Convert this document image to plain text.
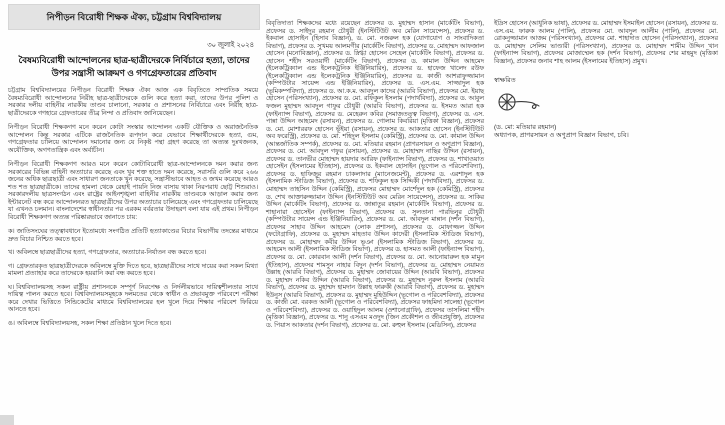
নিপীড়ন বিরোধী শিক্ষক ঐক্য, চট্টগ্রাম বিশ্ববিদ্যালয়
৩০ জুলাই ২০২৪
বৈষম্যবিরোধী আন্দোলনের ছাত্র-ছাত্রীদেরকে নির্বিচারে হত্যা, তাদের উপর সন্ত্রাসী আক্রমণ ও গণগ্রেফতারের প্রতিবাদ
চট্টগ্রাম বিশ্ববিদ্যালয়ের নিপীড়ন বিরোধী শিক্ষক ঐক্য আজ এক বিবৃতিতে সাম্প্রতিক সময়ে বৈষম্যবিরোধী আন্দোলনের নিরীহ ছাত্র-ছাত্রীদেরকে গুলি করে হত্যা করা, তাদের উপর পুলিশ ও সরকার দলীয় বাহিনীর নারকীয় তাণ্ডব চালানো, সরকার ও প্রশাসনের নির্বিচারে এবং নিরীহ ছাত্র-ছাত্রীদেরকে গণহারে গ্রেফতারের তীব্র নিন্দা ও প্রতিবাদ জানিয়েছেন।
নিপীড়ন বিরোধী শিক্ষকগণ মনে করেন কোটা সংস্কার আন্দোলন একটি যৌক্তিক ও অরাজনৈতিক আন্দোলন কিন্তু সরকার এটিকে রাজনৈতিক রূপদান করে যেভাবে শিক্ষার্থীদেরকে হত্যা, গুম, গণগ্রেফতার চালিয়ে আন্দোলন দমানোর জন্য যে নিকৃষ্ট পন্থা গ্রহণ করেছে তা অত্যন্ত দুঃখজনক, অযৌক্তিক, অগণতান্ত্রিক এবং অর্বাচীন।
নিপীড়ন বিরোধী শিক্ষকগণ আরও মনে করেন কোটাবিরোধী ছাত্র-আন্দোলনকে দমন করার জন্য সরকারের বিভিন্ন বাহিনী অত্যাচার করেছে এবং খুব শক্ত হাতে দমন করেছে, সরাসরি গুলি করে ২৬৬ জনের অধিক ছাত্রছাত্রী এবং সাধারণ জনতাকে খুন করেছে, সন্ত্রাসীভাবে আহত ও জখম করেছে আরও শত শত ছাত্রছাত্রীকে। তাদের হামলা থেকে রেহাই পায়নি নিজ বাসায় থাকা নিরপরাধ ছোট্ট শিশুরাও। সরকারদলীয় ছাত্রসংগঠন এবং রাষ্ট্রের আইনশৃঙ্খলা বাহিনীর নারকীয় তাণ্ডবকে আড়াল করার জন্য ইন্টারনেট বন্ধ করে আন্দোলনরত ছাত্রছাত্রীদের উপর অত্যাচার চালিয়েছে এবং গণগ্রেফতার চালিয়েছে যা এখনও চলমান। বাংলাদেশের স্বাধীনতার পর এরকম বর্বরতার উদাহরণ বলা যায় এই প্রথম। নিপীড়ন বিরোধী শিক্ষকগণ অত্যন্ত পরিষ্কারভাবে জানাতে চায়:
ক। জাতিসংঘের তত্ত্বাবধানে ইতোমধ্যে সংগঠিত প্রতিটি হত্যাকাণ্ডের বিচার বিভাগীয় তদন্তের মাধ্যমে দ্রুত বিচার নিশ্চিত করতে হবে।
খ। অবিলম্বে ছাত্রছাত্রীদের হত্যা, গণগ্রেফতার, অত্যাচার-নির্যাতন বন্ধ করতে হবে।
গ। গ্রেফতারকৃত ছাত্রছাত্রীদেরকে অবিলম্বে মুক্তি দিতে হবে, ছাত্রছাত্রীদের সাথে দায়ের করা সকল মিথ্যা মামলা প্রত্যাহার করে তাদেরকে হয়রানি করা বন্ধ করতে হবে।
ঘ। বিশ্ববিদ্যালয়সহ সকল রাষ্ট্রীয় প্রশাসনকে সম্পূর্ণ নিরপেক্ষ ও নির্দলীয়ভাবে দায়িত্বশীলতার সাথে দায়িত্ব পালন করতে হবে। বিশ্ববিদ্যালয়সমূহকে দলমতের থেকে স্বাধীন ও প্রভাবমুক্ত পরিবেশে পরীক্ষা করে দেখার ভিত্তিতে সিন্ডিকেটের মাধ্যমে বিশ্ববিদ্যালয়ের হল খুলে দিয়ে শিক্ষার পরিবেশ ফিরিয়ে আনতে হবে।
ঙ। অবিলম্বে বিশ্ববিদ্যালয়সহ, সকল শিক্ষা প্রতিষ্ঠান খুলে দিতে হবে।
বিবৃতিদাতা শিক্ষকদের মধ্যে রয়েছেন প্রফেসর ড. মুহাম্মদ হাসান (মার্কেটিং বিভাগ), প্রফেসর ড. সাইদুর রহমান চৌধুরী (ইনস্টিটিউট অব মেরিন সায়েন্সেস), প্রফেসর ড. ইকবাল হোসাইন (হিসাব বিজ্ঞান), ড. মো. নজরুল হক (যোগাযোগ ও সাংবাদিকতা বিভাগ), প্রফেসর ড. সুখময় আলমগীর (মার্কেটিং বিভাগ), প্রফেসর ড. মোহাম্মদ আফজাল হোসেন (মনোবিজ্ঞান), প্রফেসর ড. স্নিগ্ধা হোসেন সেহেল (মার্কেটিং বিভাগ), প্রফেসর ড. হোসেন শহীদ সরওয়ার্দী (মার্কেটিং বিভাগ), প্রফেসর ড. কামাল উদ্দিন আহমেদ (ইলেকট্রিক্যাল এন্ড ইলেকট্রনিক ইঞ্জিনিয়ারিং), প্রফেসর ড. হাফেজ খালেদ রউফ (ইলেকট্রিক্যাল এন্ড ইলেকট্রনিক ইঞ্জিনিয়ারিং), প্রফেসর ড. কাজী আশরাফুজ্জামান (কম্পিউটার সায়েন্স এন্ড ইঞ্জিনিয়ারিং), প্রফেসর ড. এস.এম. সাজ্জাদুল হক (ভূমিকম্পবিদ্যা), প্রফেসর ড. আ.ক.ম. আবদুল কাদের (আরবি বিভাগ), প্রফেসর মো. ইয়াছ হোসেন (পরিসংখ্যান), প্রফেসর ড. মো. রফিকুল ইসলাম (পদার্থবিদ্যা), প্রফেসর ড. আবুল ফজল মুহাম্মদ আবদুল গাফুর চৌধুরী (আরবি বিভাগ), প্রফেসর ড. ইসমত আরা হক (ফাইন্যান্স বিভাগ), প্রফেসর ড. মেহেরুন কবির (সমাজতত্ত্ব বিভাগ), প্রফেসর ড. এস. পান্না উদ্দিন আহমেদ (রসায়ন), প্রফেসর ড. গোলাম কিবরিয়া (মৃত্তিকা বিজ্ঞান), প্রফেসর ড. মো. মোশাররফ হোসেন ভূঁইয়া (রসায়ন), প্রফেসর ড. আকতার হোসেন (ইনস্টিটিউট অব ফরেস্ট্রি), প্রফেসর ড. মো. শহিদুল ইসলাম (কেমিস্ট্রি), প্রফেসর ড. মো. কামাল উদ্দিন (আন্তর্জাতিক সম্পর্ক), প্রফেসর ড. মো. মতিয়ার রহমান (প্রাণরসায়ন ও অণুপ্রাণ বিজ্ঞান), প্রফেসর ড. মো. আবদুল গফুর (রসায়ন), প্রফেসর ড. মোহাম্মদ নাছির উদ্দিন (রসায়ন), প্রফেসর ড. তানভীর মোহাম্মদ হায়দার আরিফ (ফাইন্যান্স বিভাগ), প্রফেসর ড. শাখাওয়াত হোসেইন (ইসলামের ইতিহাস), প্রফেসর ড. ইকবাল হোসাইন (ভূগোল ও পরিবেশবিদ্যা), প্রফেসর ড. হাফিজুর রহমান চাকলাদার (ম্যানেজমেন্ট), প্রফেসর ড. এরশাদুল হক (ইসলামিক স্টাডিজ বিভাগ), প্রফেসর ড. শফিকুল হক সিদ্দিকী (পদার্থবিদ্যা), প্রফেসর ড. মোহাম্মদ তাহসিন উদ্দিন (কেমিস্ট্রি), প্রফেসর মোহাম্মদ মোর্শেদুল হক (কেমিস্ট্রি), প্রফেসর ড. শেখ আক্তারুজ্জামান উদ্দিন (ইনস্টিটিউট অব মেরিন সায়েন্সেস), প্রফেসর ড. সাকির উদ্দিন (মার্কেটিং বিভাগ), প্রফেসর ড. জান্নাতুর রহমান (মার্কেটিং বিভাগ), প্রফেসর ড. শাহানারা হোসেইন (ফাইন্যান্স বিভাগ), প্রফেসর ড. সুলতানা পারভিনুর চৌধুরী (কম্পিউটার সায়েন্স এন্ড ইঞ্জিনিয়ারিং), প্রফেসর ড. মো. আবদুল মান্নান (দর্শন বিভাগ), প্রফেসর সাহাব উদ্দিন আহমেদ (লোক প্রশাসন), প্রফেসর ড. মোফাজ্জল উদ্দিন (ফটোগ্রাফি), প্রফেসর ড. মুহাম্মদ মাহতাব উদ্দিন কাদেরী (ইসলামিক স্টাডিজ বিভাগ), প্রফেসর ড. মোহাম্মদ কবীর উদ্দিন ভূঞা (ইসলামিক স্টাডিজ বিভাগ), প্রফেসর ড. আহমেদ আলী (ইসলামিক স্টাডিজ বিভাগ), প্রফেসর ড. হাসমত আলী (ফাইন্যান্স বিভাগ), প্রফেসর ড. মো. কোরবান আলী (দর্শন বিভাগ), প্রফেসর ড. মো. আনোয়ারুল হক মামুন (ইতিহাস), প্রফেসর শামসুন নাহার বিদুন (দর্শন বিভাগ), প্রফেসর ড. মোহাম্মদ নেয়ামত উল্লাহ (আরবি বিভাগ), প্রফেসর ড. মুহাম্মদ জোবায়ের উদ্দিন (আরবি বিভাগ), প্রফেসর ড. মুহাম্মদ নকিব উদ্দিন (আরবি বিভাগ), প্রফেসর ড. মুহাম্মদ নুরুল ইসলাম (আরবি বিভাগ), প্রফেসর ড. মুহাম্মদ হামদান উল্লাহ ফারুকী (আরবি বিভাগ), প্রফেসর ড. মুহাম্মদ ইউনুস (আরবি বিভাগ), প্রফেসর ড. মুহাম্মদ মুহিউদ্দিন (ভূগোল ও পরিবেশবিদ্যা), প্রফেসর ড. কাজী মো. বরকত আলী (ভূগোল ও পরিবেশবিদ্যা), প্রফেসর ফাহমিদা সালেহা (ভূগোল ও পরিবেশবিদ্যা), প্রফেসর ড. ওয়াহিদুল আলম (ওশানোগ্রাফি), প্রফেসর তাসলিমা শহীদ (মৃত্তিকা বিজ্ঞান), প্রফেসর ড. শানু এসএম মওদুদ (জিন প্রকৌশল ও জীবপ্রযুক্তি), প্রফেসর ড. পিয়াস আকতার (দর্শন বিভাগ), প্রফেসর ড. মো. রুহুল ইসলাম (মেডিসিন), প্রফেসর
ইদ্রিস হোসেন (আধুনিক ভাষা), প্রফেসর ড. মোহাম্মদ ইসমাইল হোসেন (রসায়ন), প্রফেসর ড. এস.এম. ফারুক আলম (পালি), প্রফেসর মো. আবদুল আলীম (পালি), প্রফেসর মো. রোকনুজ্জামান আজম (পরিসংখ্যান), প্রফেসর মো. শাহাদাত হোসেন (পরিসংখ্যান), প্রফেসর ড. মোহাম্মদ সেলিম ভাণ্ডারী (পরিসংখ্যান), প্রফেসর ড. মোহাম্মদ শামীম উদ্দিন খান (ফাইন্যান্স বিভাগ), প্রফেসর মোজাম্মেল হক (দর্শন বিভাগ), প্রফেসর শের মাহমুদ (মৃত্তিকা বিজ্ঞান), প্রফেসর জনাব শাহ আলম (ইসলামের ইতিহাস) প্রমুখ।
স্বাক্ষরিত
(ড. মো: মতিয়ার রহমান)
অধ্যাপক, প্রাণরসায়ন ও অণুপ্রাণ বিজ্ঞান বিভাগ, চবি।
